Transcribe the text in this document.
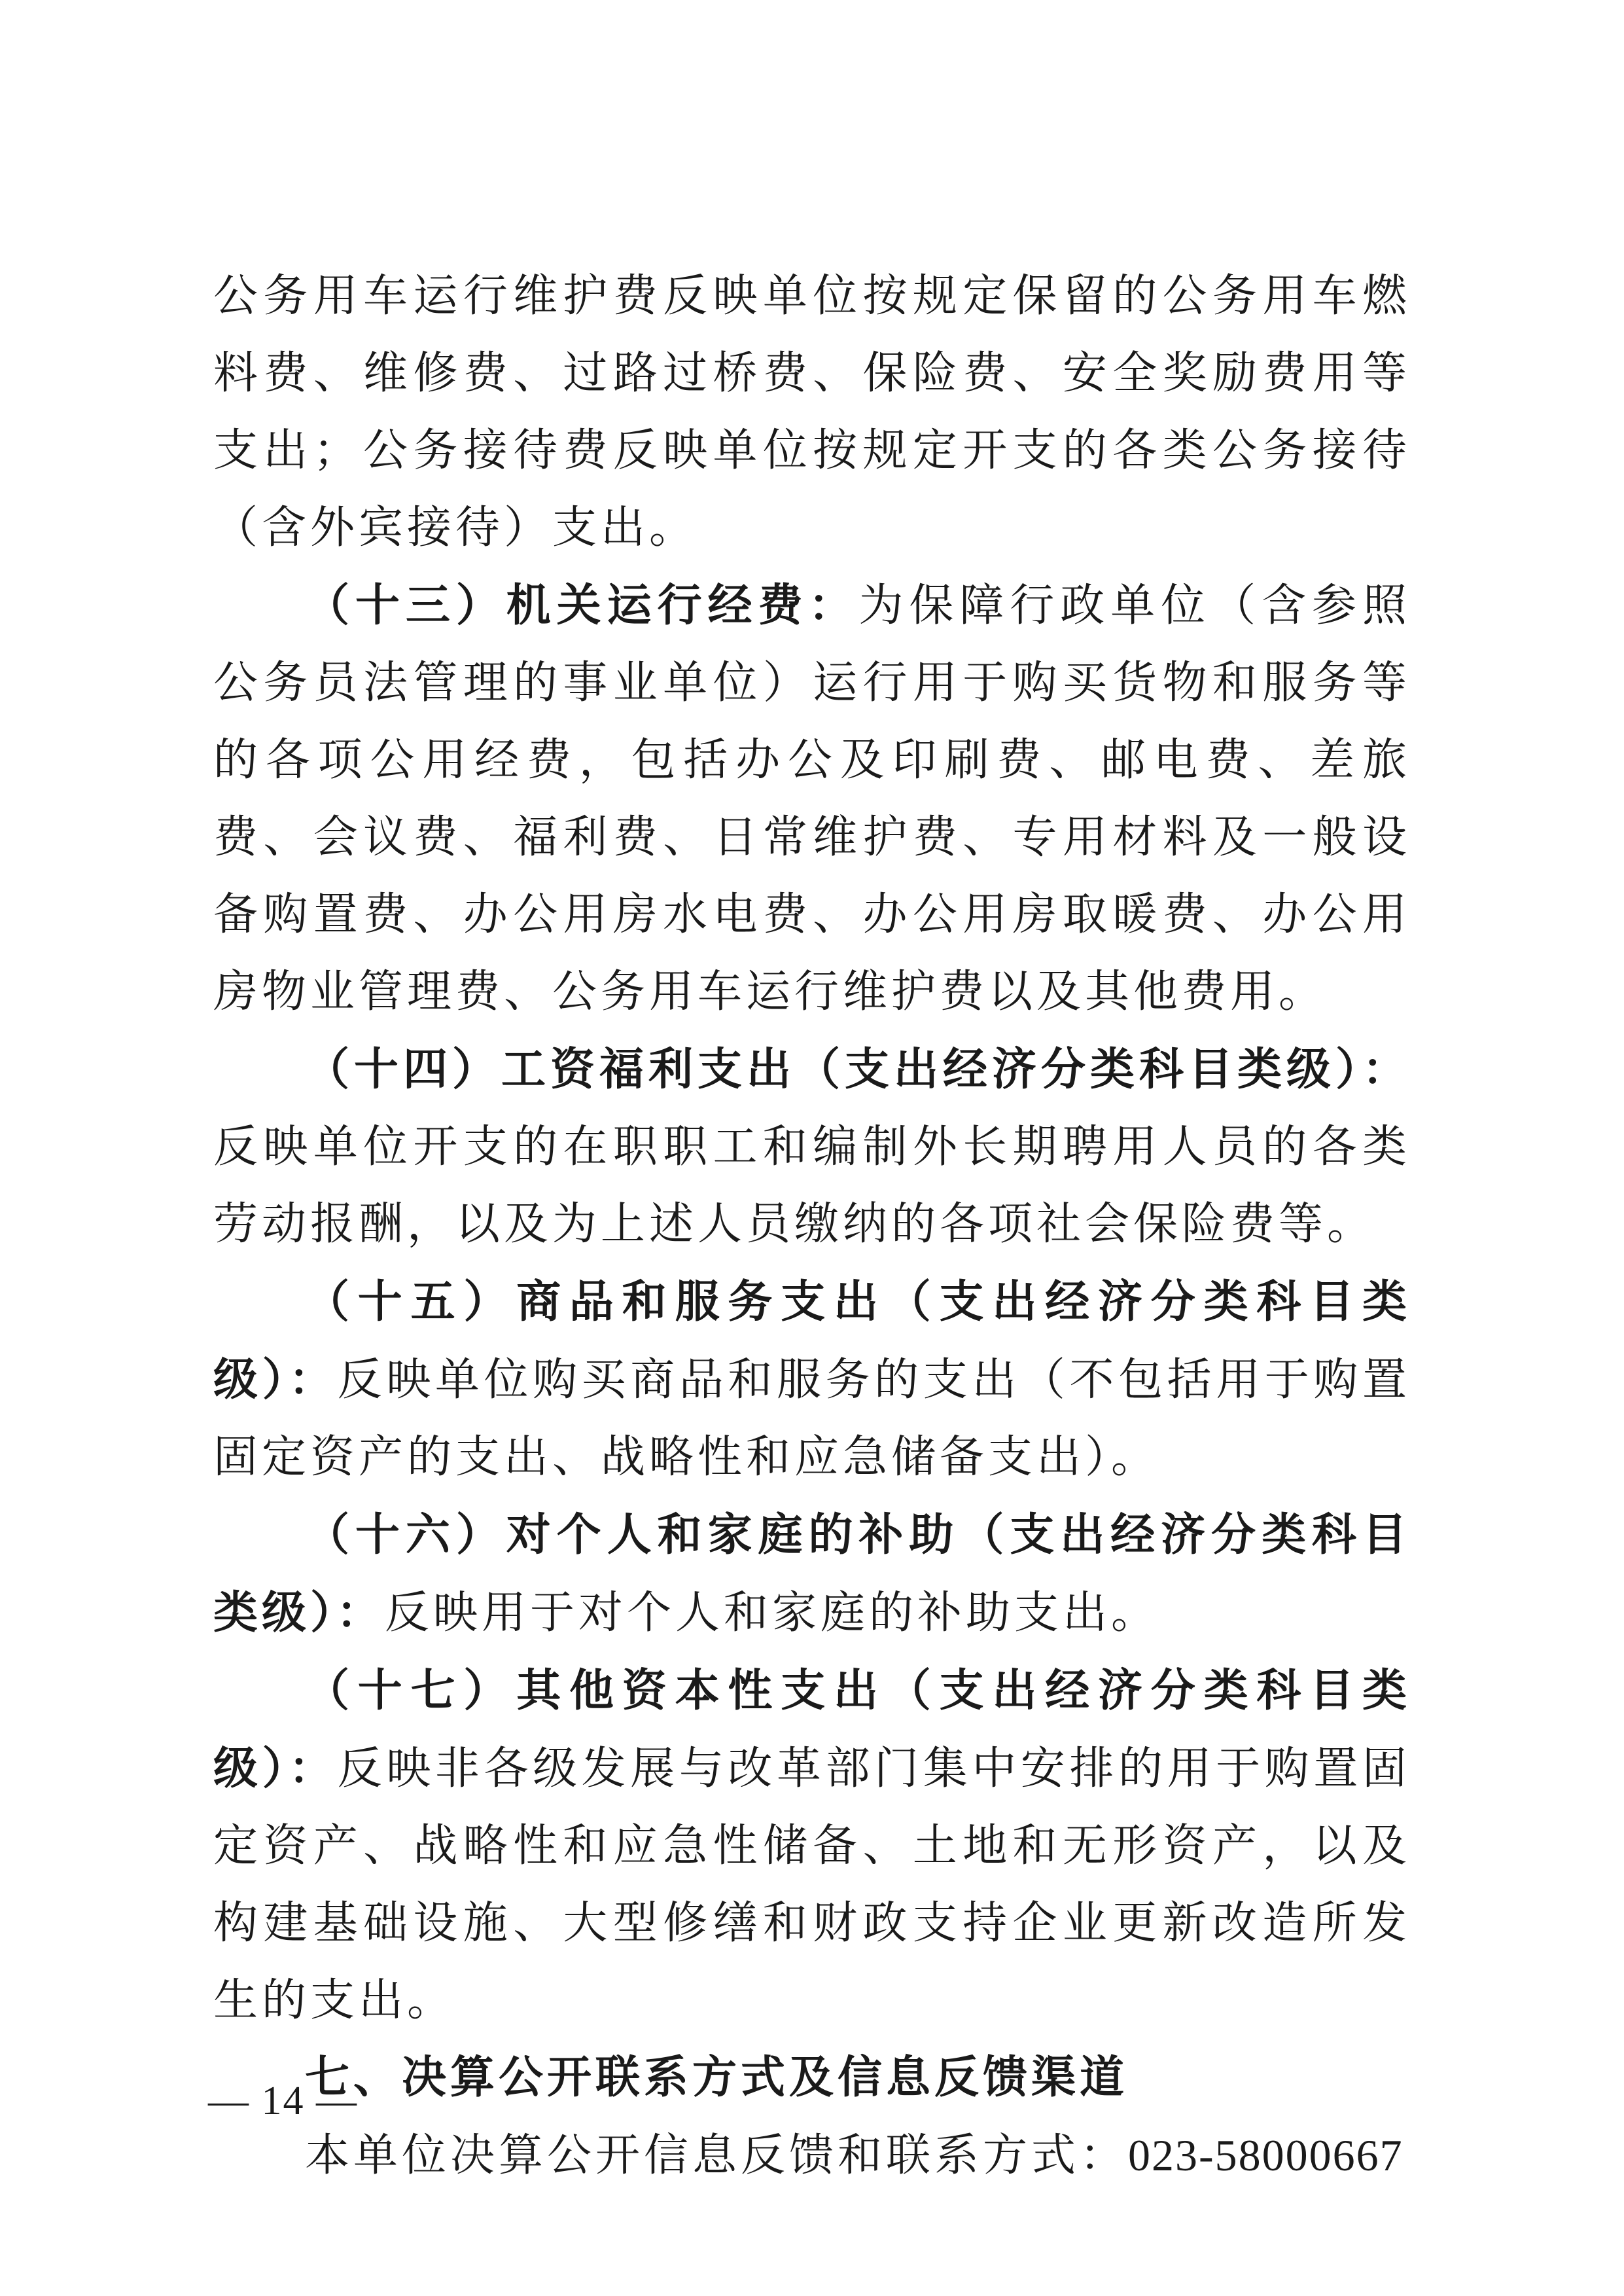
公务用车运行维护费反映单位按规定保留的公务用车燃料费、维修费、过路过桥费、保险费、安全奖励费用等支出；公务接待费反映单位按规定开支的各类公务接待（含外宾接待）支出。

（十三）机关运行经费：为保障行政单位（含参照公务员法管理的事业单位）运行用于购买货物和服务等的各项公用经费，包括办公及印刷费、邮电费、差旅费、会议费、福利费、日常维护费、专用材料及一般设备购置费、办公用房水电费、办公用房取暖费、办公用房物业管理费、公务用车运行维护费以及其他费用。

（十四）工资福利支出（支出经济分类科目类级）：反映单位开支的在职职工和编制外长期聘用人员的各类劳动报酬，以及为上述人员缴纳的各项社会保险费等。

（十五）商品和服务支出（支出经济分类科目类级）：反映单位购买商品和服务的支出（不包括用于购置固定资产的支出、战略性和应急储备支出）。

（十六）对个人和家庭的补助（支出经济分类科目类级）：反映用于对个人和家庭的补助支出。

（十七）其他资本性支出（支出经济分类科目类级）：反映非各级发展与改革部门集中安排的用于购置固定资产、战略性和应急性储备、土地和无形资产，以及构建基础设施、大型修缮和财政支持企业更新改造所发生的支出。

七、决算公开联系方式及信息反馈渠道

本单位决算公开信息反馈和联系方式：023-58000667

— 14 —
